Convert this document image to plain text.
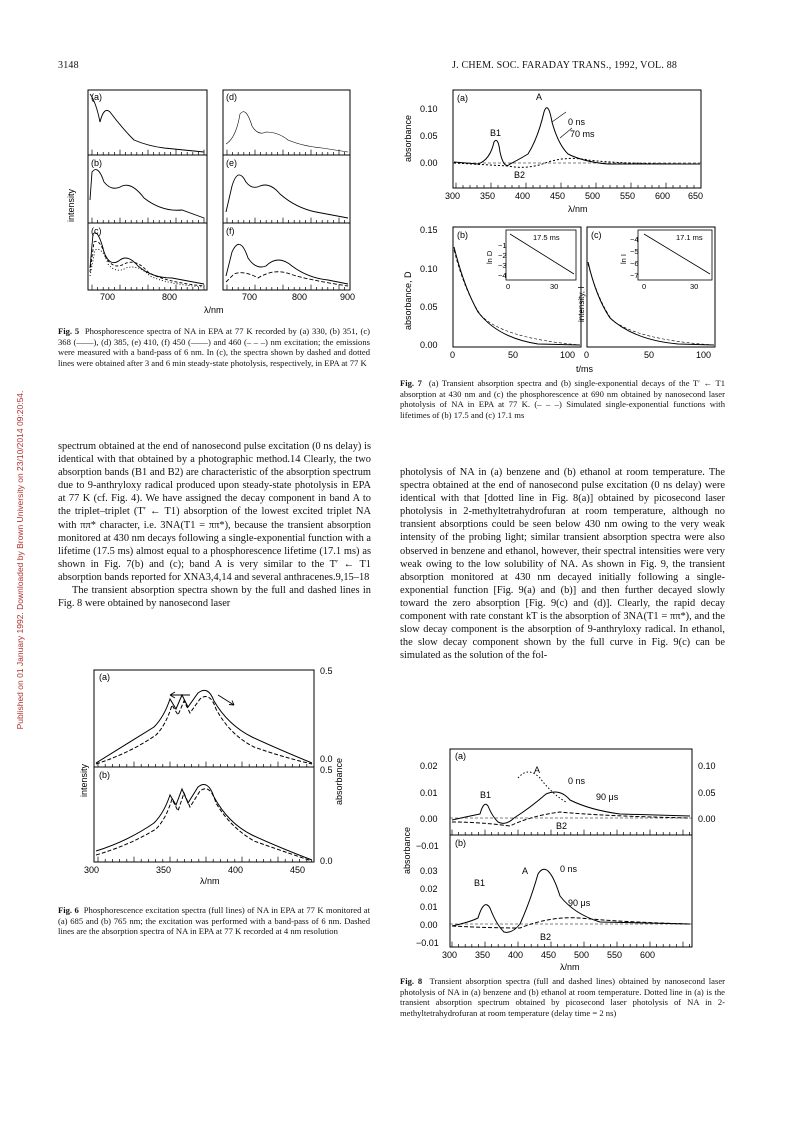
3148	J. CHEM. SOC. FARADAY TRANS., 1992, VOL. 88
Published on 01 January 1992. Downloaded by Brown University on 23/10/2014 09:20:54.
(a)
(b)
(c)
(d)
(e)
(f)
700	800	700	800	900
λ/nm
intensity
Fig. 5 Phosphorescence spectra of NA in EPA at 77 K recorded by (a) 330, (b) 351, (c) 368 (——), (d) 385, (e) 410, (f) 450 (——) and 460 (– – –) nm excitation; the emissions were measured with a band-pass of 6 nm. In (c), the spectra shown by dashed and dotted lines were obtained after 3 and 6 min steady-state photolysis, respectively, in EPA at 77 K

spectrum obtained at the end of nanosecond pulse excitation (0 ns delay) is identical with that obtained by a photographic method.14 Clearly, the two absorption bands (B1 and B2) are characteristic of the absorption spectrum due to 9-anthryloxy radical produced upon steady-state photolysis in EPA at 77 K (cf. Fig. 4). We have assigned the decay component in band A to the triplet–triplet (T′ ← T1) absorption of the lowest excited triplet NA with ππ* character, i.e. 3NA(T1 = ππ*), because the transient absorption monitored at 430 nm decays following a single-exponential function with a lifetime (17.5 ms) almost equal to a phosphorescence lifetime (17.1 ms) as shown in Fig. 7(b) and (c); band A is very similar to the T′ ← T1 absorption bands reported for XNA3,4,14 and several anthracenes.9,15–18

The transient absorption spectra shown by the full and dashed lines in Fig. 8 were obtained by nanosecond laser

(a)
(b)
0.5
0.0
0.5
0.0
300	350	400	450
λ/nm
intensity	absorbance
Fig. 6 Phosphorescence excitation spectra (full lines) of NA in EPA at 77 K monitored at (a) 685 and (b) 765 nm; the excitation was performed with a band-pass of 6 nm. Dashed lines are the absorption spectra of NA in EPA at 77 K recorded at 4 nm resolution
(a)	A
B1
B2
0 ns
70 ms
0.10
0.05
0.00
300 350 400 450 500 550 600 650
λ/nm
absorbance
(b)	(c)
0.15
0.10
0.05
0.00
0	50	100 0	50	100
t/ms
absorbance, D	intensity, I
17.5 ms
ln D
−1
−2
−3
−4
0	30
17.1 ms
ln I
−4
−5
−6
−7
0	30
Fig. 7 (a) Transient absorption spectra and (b) single-exponential decays of the T′ ← T1 absorption at 430 nm and (c) the phosphorescence at 690 nm obtained by nanosecond laser photolysis of NA in EPA at 77 K. (– – –) Simulated single-exponential functions with lifetimes of (b) 17.5 and (c) 17.1 ms

photolysis of NA in (a) benzene and (b) ethanol at room temperature. The spectra obtained at the end of nanosecond pulse excitation (0 ns delay) were identical with that [dotted line in Fig. 8(a)] obtained by picosecond laser photolysis in 2-methyltetrahydrofuran at room temperature, although no transient absorptions could be seen below 430 nm owing to the very weak intensity of the probing light; similar transient absorption spectra were also observed in benzene and ethanol, however, their spectral intensities were very weak owing to the low solubility of NA. As shown in Fig. 9, the transient absorption monitored at 430 nm decayed initially following a single-exponential function [Fig. 9(a) and (b)] and then further decayed slowly toward the zero absorption [Fig. 9(c) and (d)]. Clearly, the rapid decay component with rate constant kT is the absorption of 3NA(T1 = ππ*), and the slow decay component is the absorption of 9-anthryloxy radical. In ethanol, the slow decay component shown by the full curve in Fig. 9(c) can be simulated as the solution of the fol-

(a)
(b)
A
B1
B2
0 ns
90 μs
A
B1
B2
0 ns
90 μs
0.02
0.01
0.00
−0.01
0.10
0.05
0.00
0.03
0.02
0.01
0.00
−0.01
300 350 400 450 500 550 600
λ/nm
absorbance
Fig. 8 Transient absorption spectra (full and dashed lines) obtained by nanosecond laser photolysis of NA in (a) benzene and (b) ethanol at room temperature. Dotted line in (a) is the transient absorption spectrum obtained by picosecond laser photolysis of NA in 2-methyltetrahydrofuran at room temperature (delay time = 2 ns)
